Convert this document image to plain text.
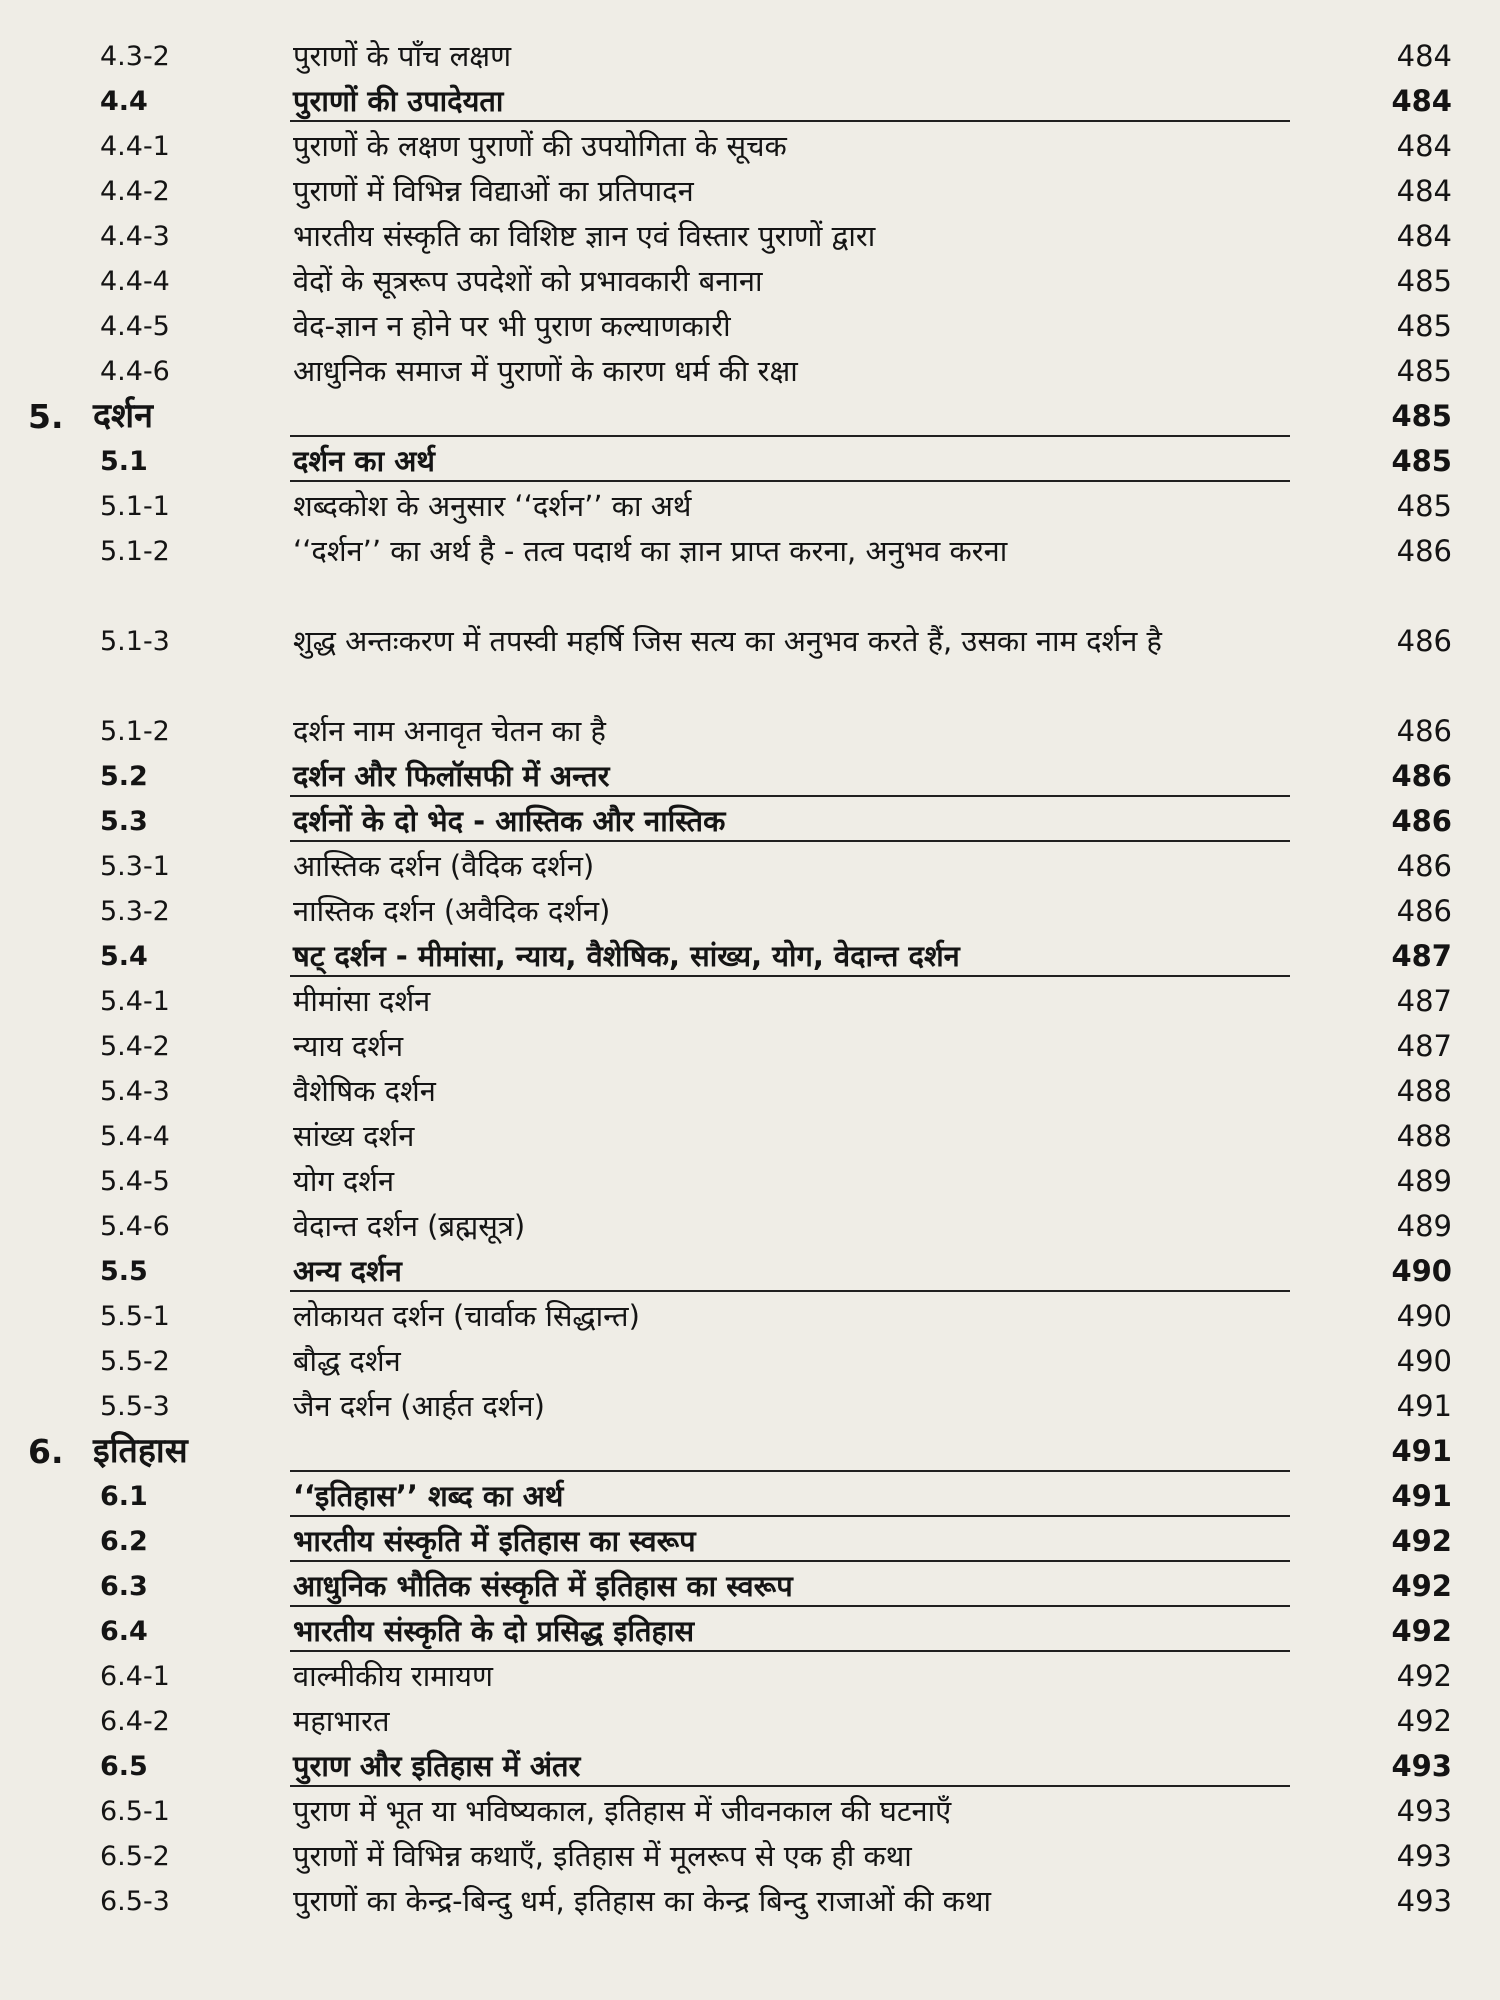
4.3-2	पुराणों के पाँच लक्षण	484
4.4	पुराणों की उपादेयता	484
4.4-1	पुराणों के लक्षण पुराणों की उपयोगिता के सूचक	484
4.4-2	पुराणों में विभिन्न विद्याओं का प्रतिपादन	484
4.4-3	भारतीय संस्कृति का विशिष्ट ज्ञान एवं विस्तार पुराणों द्वारा	484
4.4-4	वेदों के सूत्ररूप उपदेशों को प्रभावकारी बनाना	485
4.4-5	वेद-ज्ञान न होने पर भी पुराण कल्याणकारी	485
4.4-6	आधुनिक समाज में पुराणों के कारण धर्म की रक्षा	485
5. दर्शन	485
5.1	दर्शन का अर्थ	485
5.1-1	शब्दकोश के अनुसार ‘‘दर्शन’’ का अर्थ	485
5.1-2	‘‘दर्शन’’ का अर्थ है - तत्व पदार्थ का ज्ञान प्राप्त करना, अनुभव करना	486
5.1-3	शुद्ध अन्तःकरण में तपस्वी महर्षि जिस सत्य का अनुभव करते हैं, उसका नाम दर्शन है	486
5.1-2	दर्शन नाम अनावृत चेतन का है	486
5.2	दर्शन और फिलॉसफी में अन्तर	486
5.3	दर्शनों के दो भेद - आस्तिक और नास्तिक	486
5.3-1	आस्तिक दर्शन (वैदिक दर्शन)	486
5.3-2	नास्तिक दर्शन (अवैदिक दर्शन)	486
5.4	षट् दर्शन - मीमांसा, न्याय, वैशेषिक, सांख्य, योग, वेदान्त दर्शन	487
5.4-1	मीमांसा दर्शन	487
5.4-2	न्याय दर्शन	487
5.4-3	वैशेषिक दर्शन	488
5.4-4	सांख्य दर्शन	488
5.4-5	योग दर्शन	489
5.4-6	वेदान्त दर्शन (ब्रह्मसूत्र)	489
5.5	अन्य दर्शन	490
5.5-1	लोकायत दर्शन (चार्वाक सिद्धान्त)	490
5.5-2	बौद्ध दर्शन	490
5.5-3	जैन दर्शन (आर्हत दर्शन)	491
6. इतिहास	491
6.1	‘‘इतिहास’’ शब्द का अर्थ	491
6.2	भारतीय संस्कृति में इतिहास का स्वरूप	492
6.3	आधुनिक भौतिक संस्कृति में इतिहास का स्वरूप	492
6.4	भारतीय संस्कृति के दो प्रसिद्ध इतिहास	492
6.4-1	वाल्मीकीय रामायण	492
6.4-2	महाभारत	492
6.5	पुराण और इतिहास में अंतर	493
6.5-1	पुराण में भूत या भविष्यकाल, इतिहास में जीवनकाल की घटनाएँ	493
6.5-2	पुराणों में विभिन्न कथाएँ, इतिहास में मूलरूप से एक ही कथा	493
6.5-3	पुराणों का केन्द्र-बिन्दु धर्म, इतिहास का केन्द्र बिन्दु राजाओं की कथा	493
